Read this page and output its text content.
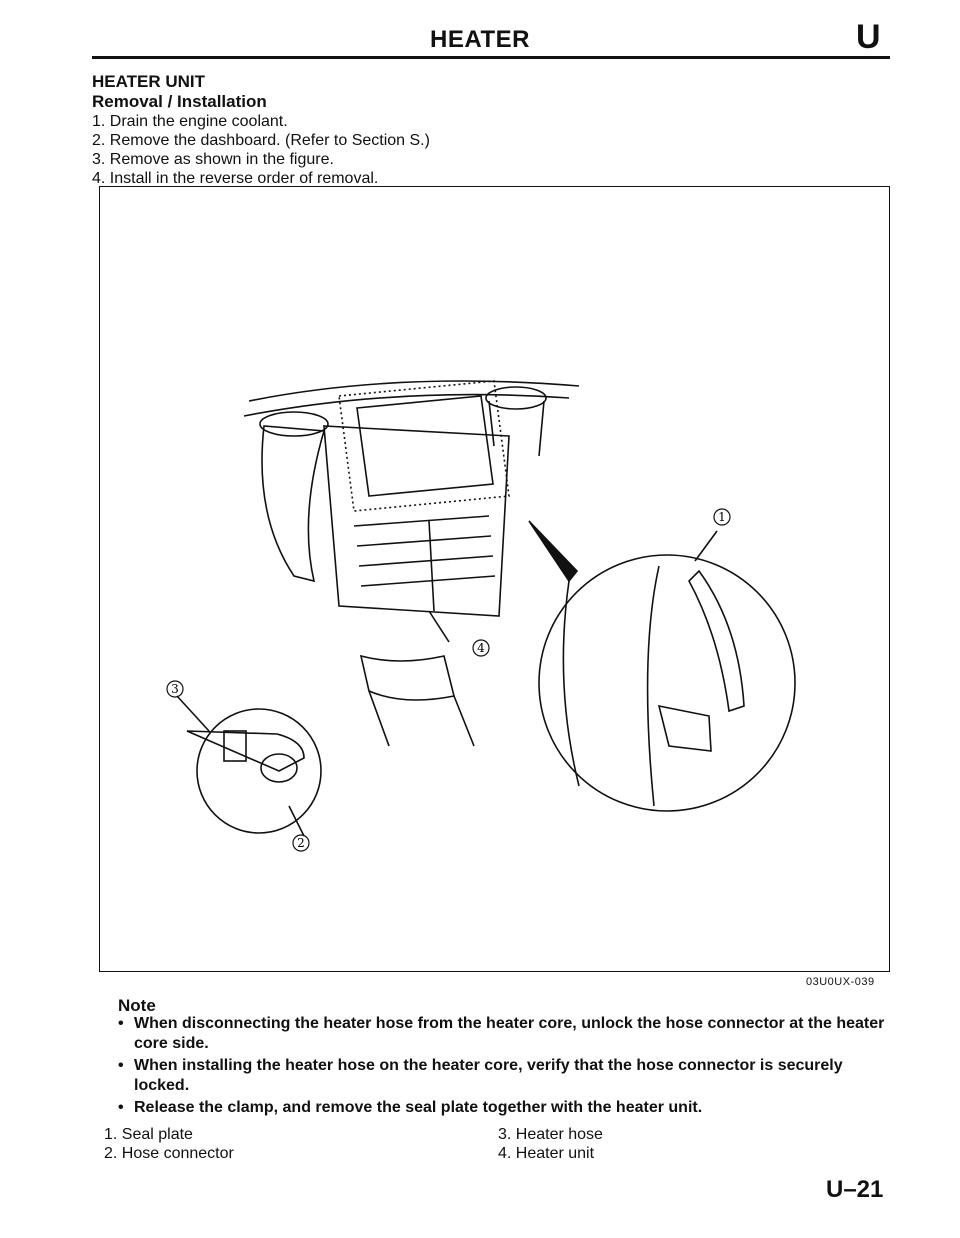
HEATER	U
HEATER UNIT
Removal / Installation
1. Drain the engine coolant.
2. Remove the dashboard. (Refer to Section S.)
3. Remove as shown in the figure.
4. Install in the reverse order of removal.
1
2
3
4
03U0UX-039
Note
• When disconnecting the heater hose from the heater core, unlock the hose connector at the heater core side.
• When installing the heater hose on the heater core, verify that the hose connector is securely locked.
• Release the clamp, and remove the seal plate together with the heater unit.
1. Seal plate
2. Hose connector
3. Heater hose
4. Heater unit
U–21
